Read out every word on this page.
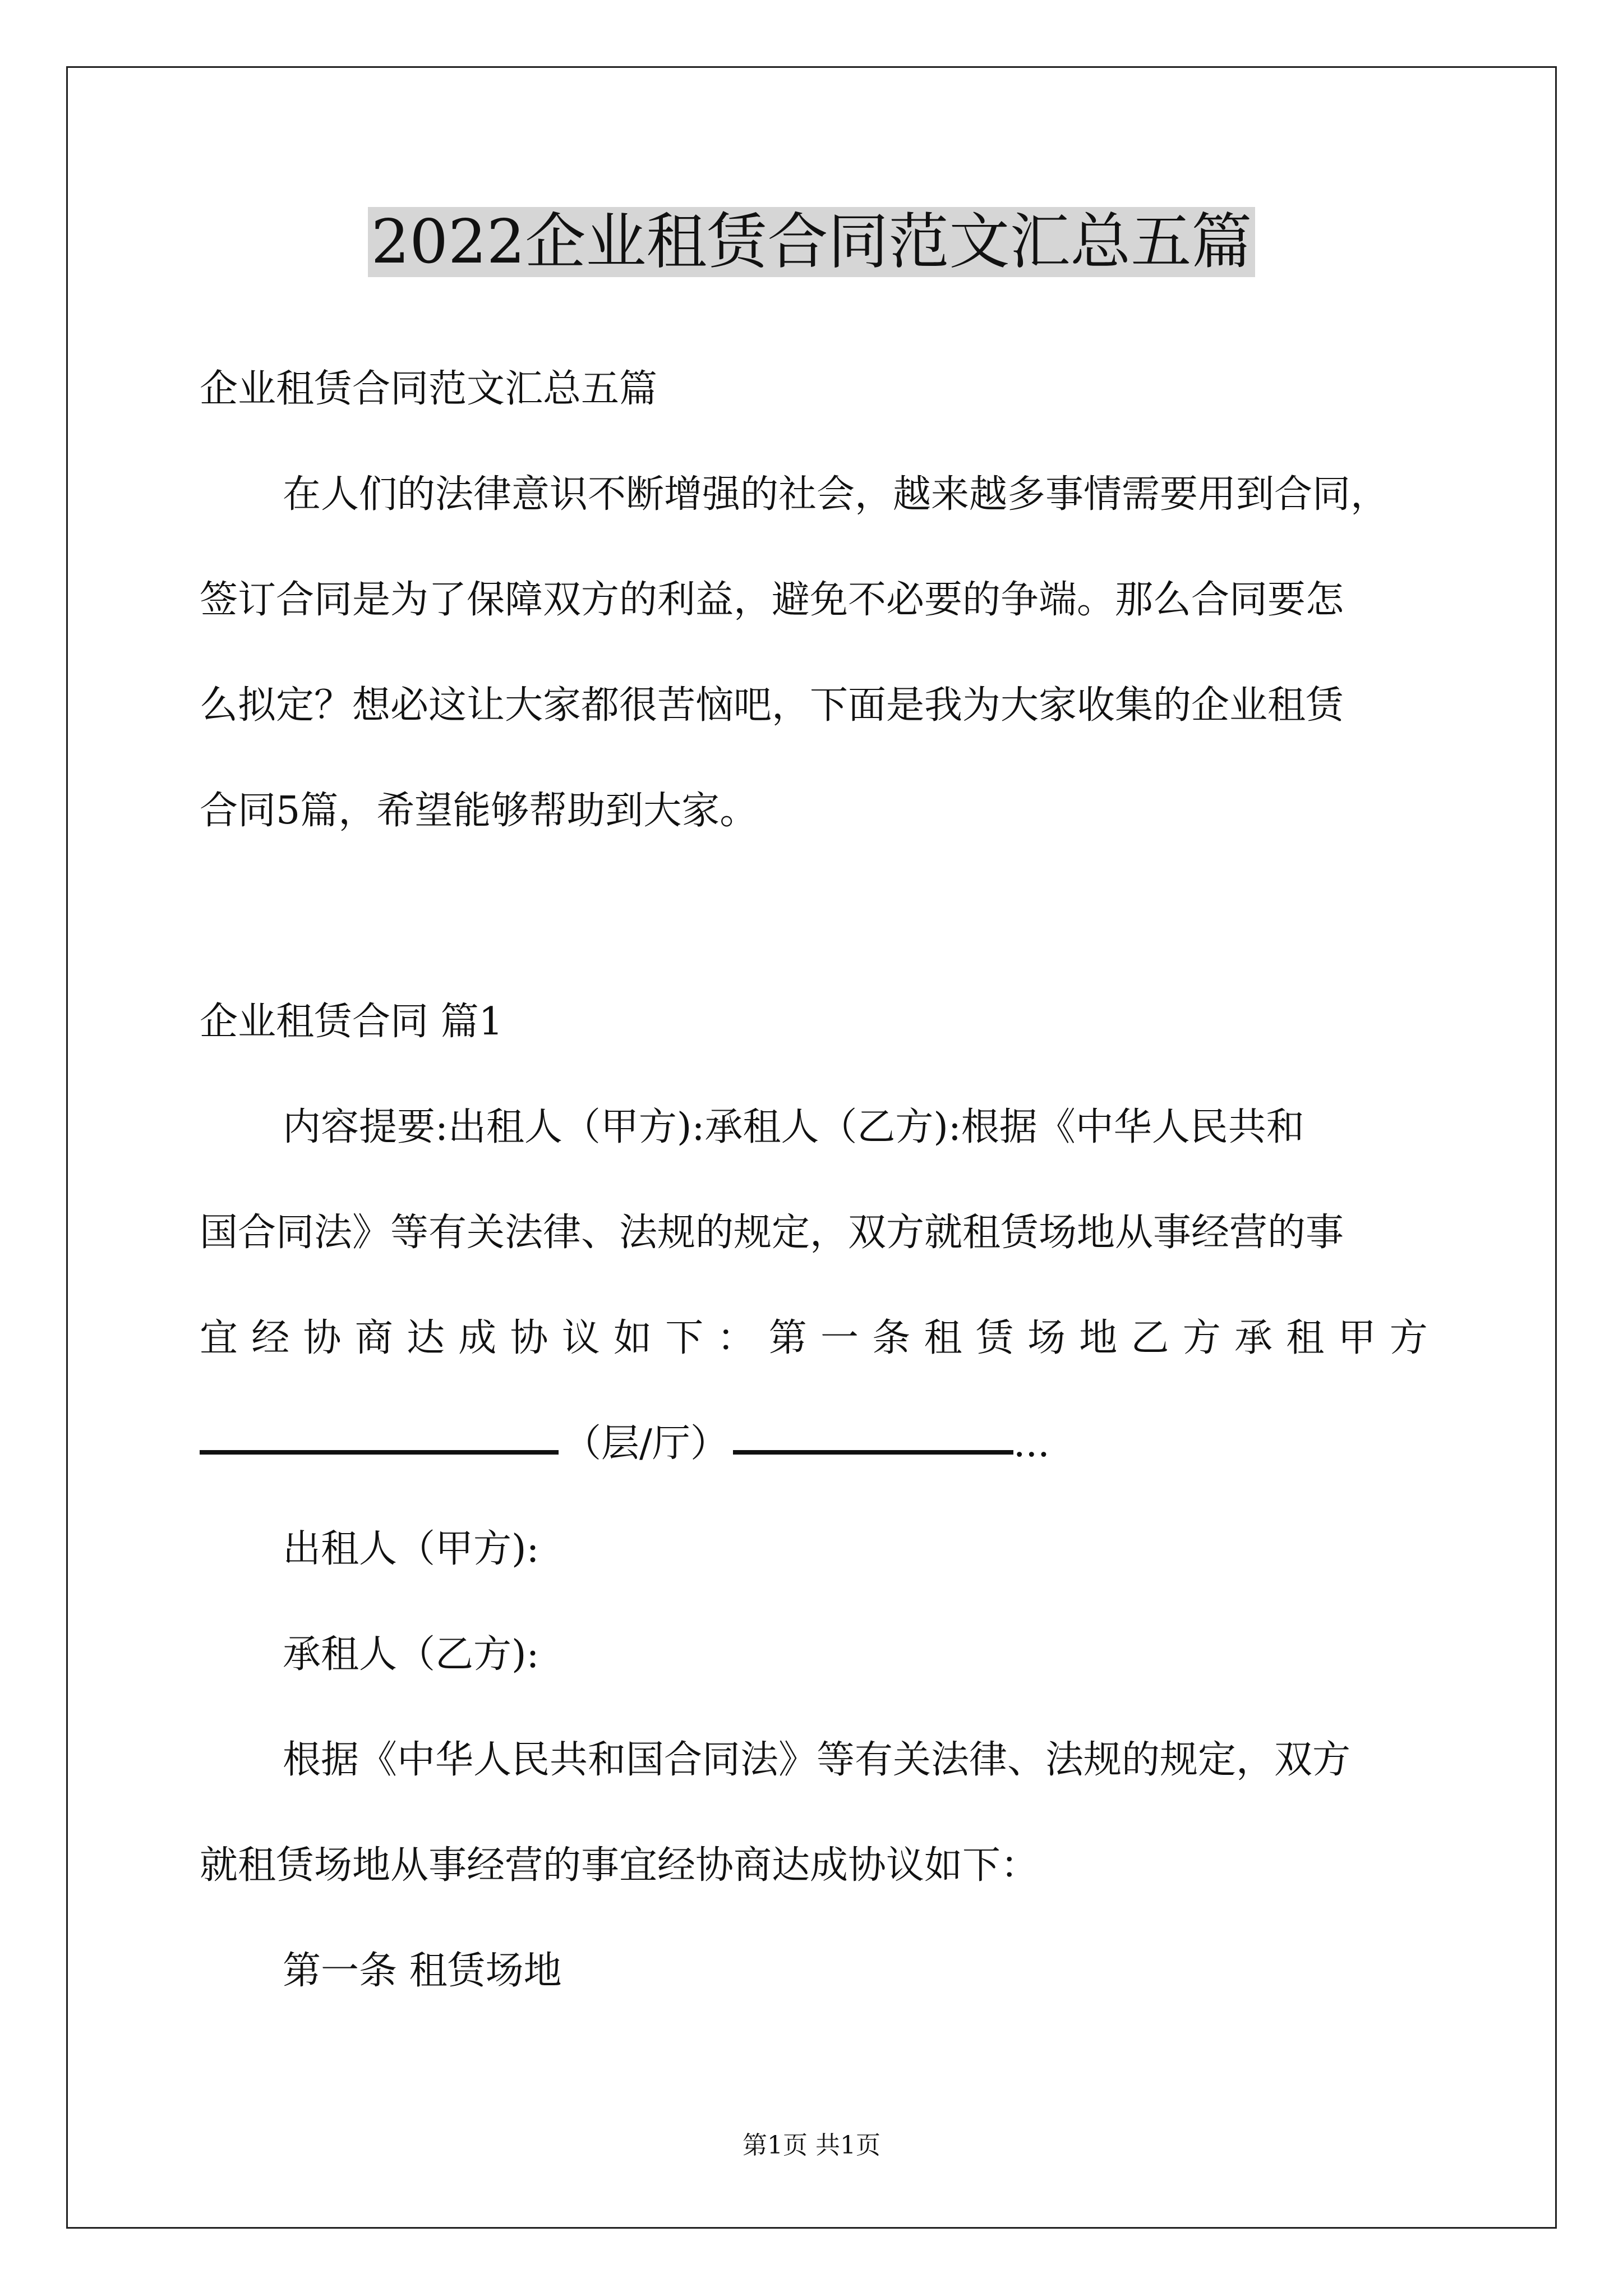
2022企业租赁合同范文汇总五篇
企业租赁合同范文汇总五篇
在人们的法律意识不断增强的社会，越来越多事情需要用到合同，
签订合同是为了保障双方的利益，避免不必要的争端。那么合同要怎
么拟定？想必这让大家都很苦恼吧，下面是我为大家收集的企业租赁
合同5篇，希望能够帮助到大家。
企业租赁合同 篇1
内容提要:出租人（甲方):承租人（乙方):根据《中华人民共和
国合同法》等有关法律、法规的规定，双方就租赁场地从事经营的事
宜 经 协 商 达 成 协 议 如 下 ： 第 一 条 租 赁 场 地 乙 方 承 租 甲 方
（层/厅）	...
出租人（甲方):
承租人（乙方):
根据《中华人民共和国合同法》等有关法律、法规的规定，双方
就租赁场地从事经营的事宜经协商达成协议如下：
第一条 租赁场地
第1页 共1页
